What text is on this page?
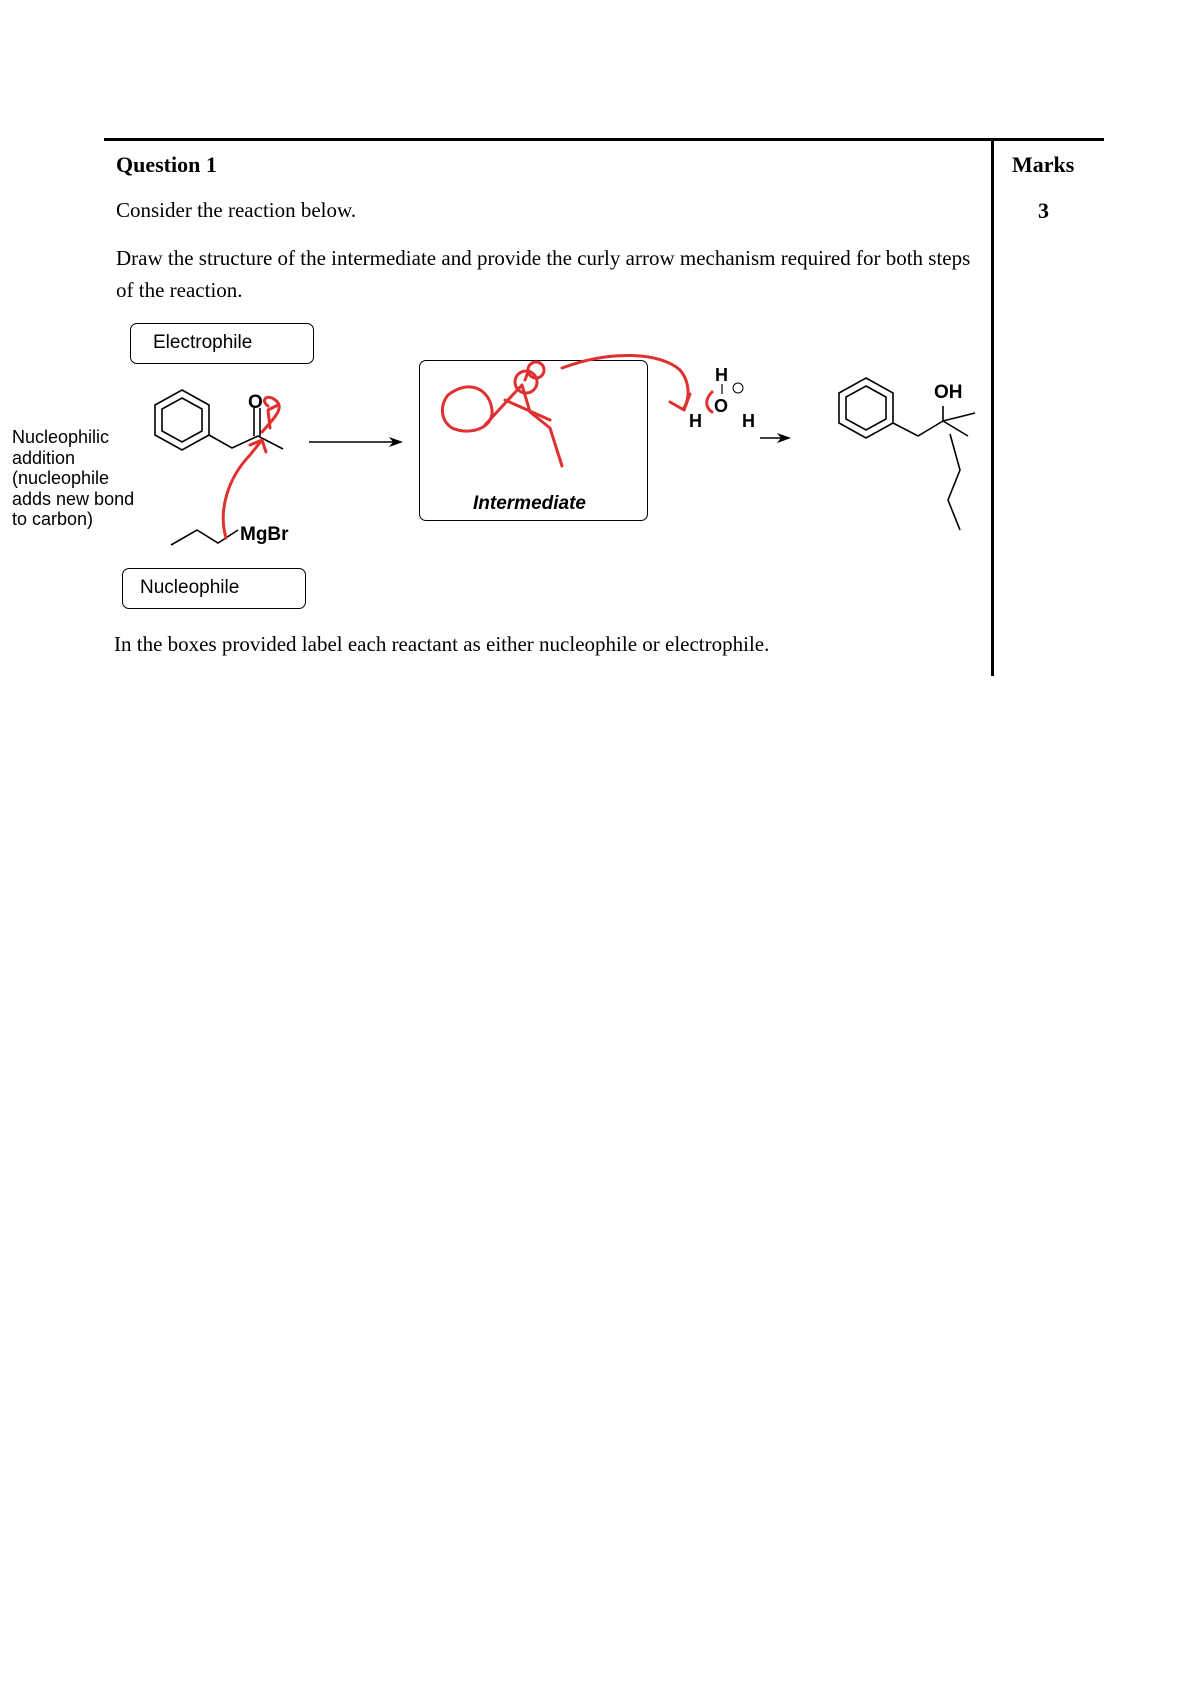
Question 1	Marks
3
Consider the reaction below.
Draw the structure of the intermediate and provide the curly arrow mechanism required for both steps of the reaction.
Electrophile
Nucleophile
Nucleophilic
addition
(nucleophile
adds new bond
to carbon)
Intermediate
O
MgBr
H
O
H H
OH
In the boxes provided label each reactant as either nucleophile or electrophile.
